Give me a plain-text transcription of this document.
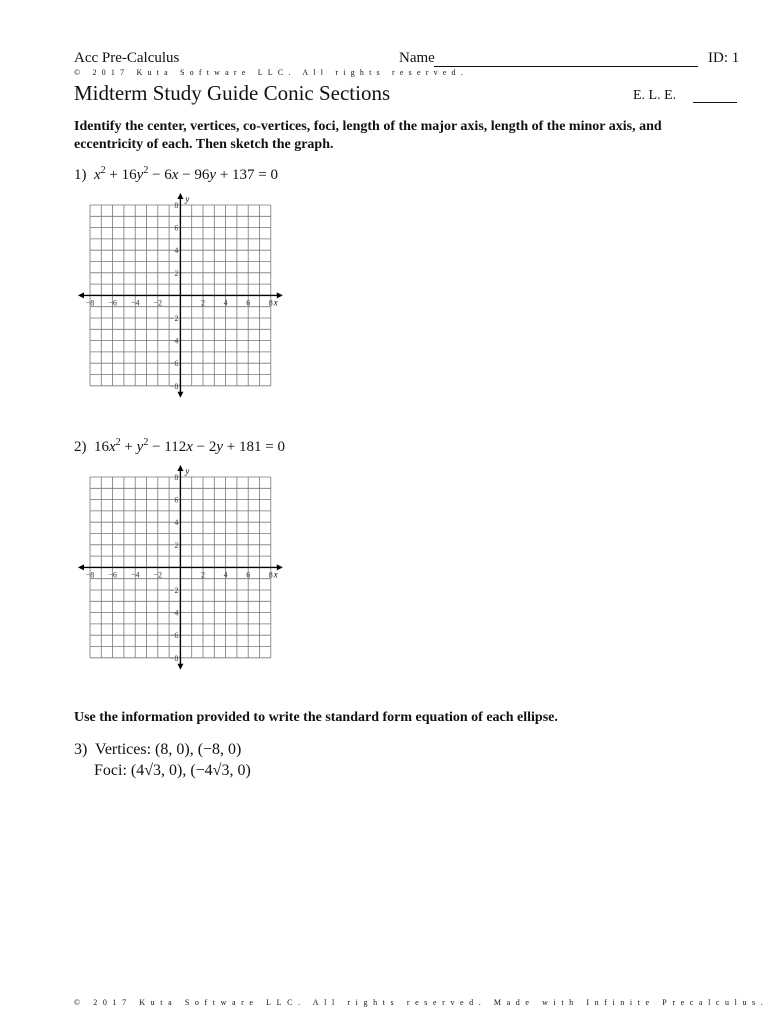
Acc Pre-Calculus	Name	ID: 1
© 2017 Kuta Software LLC. All rights reserved.
Midterm Study Guide Conic Sections	E. L. E.
Identify the center, vertices, co-vertices, foci, length of the major axis, length of the minor axis, and eccentricity of each. Then sketch the graph.
1) $x^2 + 16y^2 - 6x - 96y + 137 = 0$
−8 −6 −4 −2	2 4 6 8
8
6
4
2
−2
−4
−6
−8
x
y
2) $16x^2 + y^2 - 112x - 2y + 181 = 0$
−8 −6 −4 −2	2 4 6 8
8
6
4
2
−2
−4
−6
−8
x
y
Use the information provided to write the standard form equation of each ellipse.
3) Vertices: (8, 0), (−8, 0)
Foci: (4√3, 0), (−4√3, 0)
© 2017 Kuta Software LLC. All rights reserved. Made with Infinite Precalculus.
